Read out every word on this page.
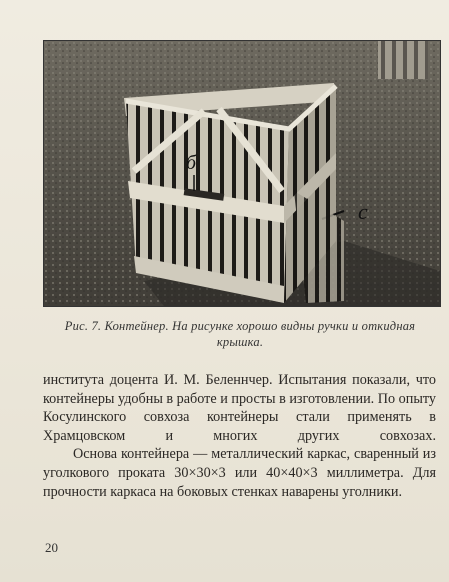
б
с
Рис. 7. Контейнер. На рисунке хорошо видны ручки и откидная крышка.

института доцента И. М. Беленнчер. Испытания показали, что контейнеры удобны в работе и просты в изготовлении. По опыту Косулинского совхоза контейнеры стали применять в Храмцовском и многих других совхозах.

Основа контейнера — металлический каркас, сваренный из уголкового проката 30×30×3 или 40×40×3 миллиметра. Для прочности каркаса на боковых стенках наварены уголники.

20
